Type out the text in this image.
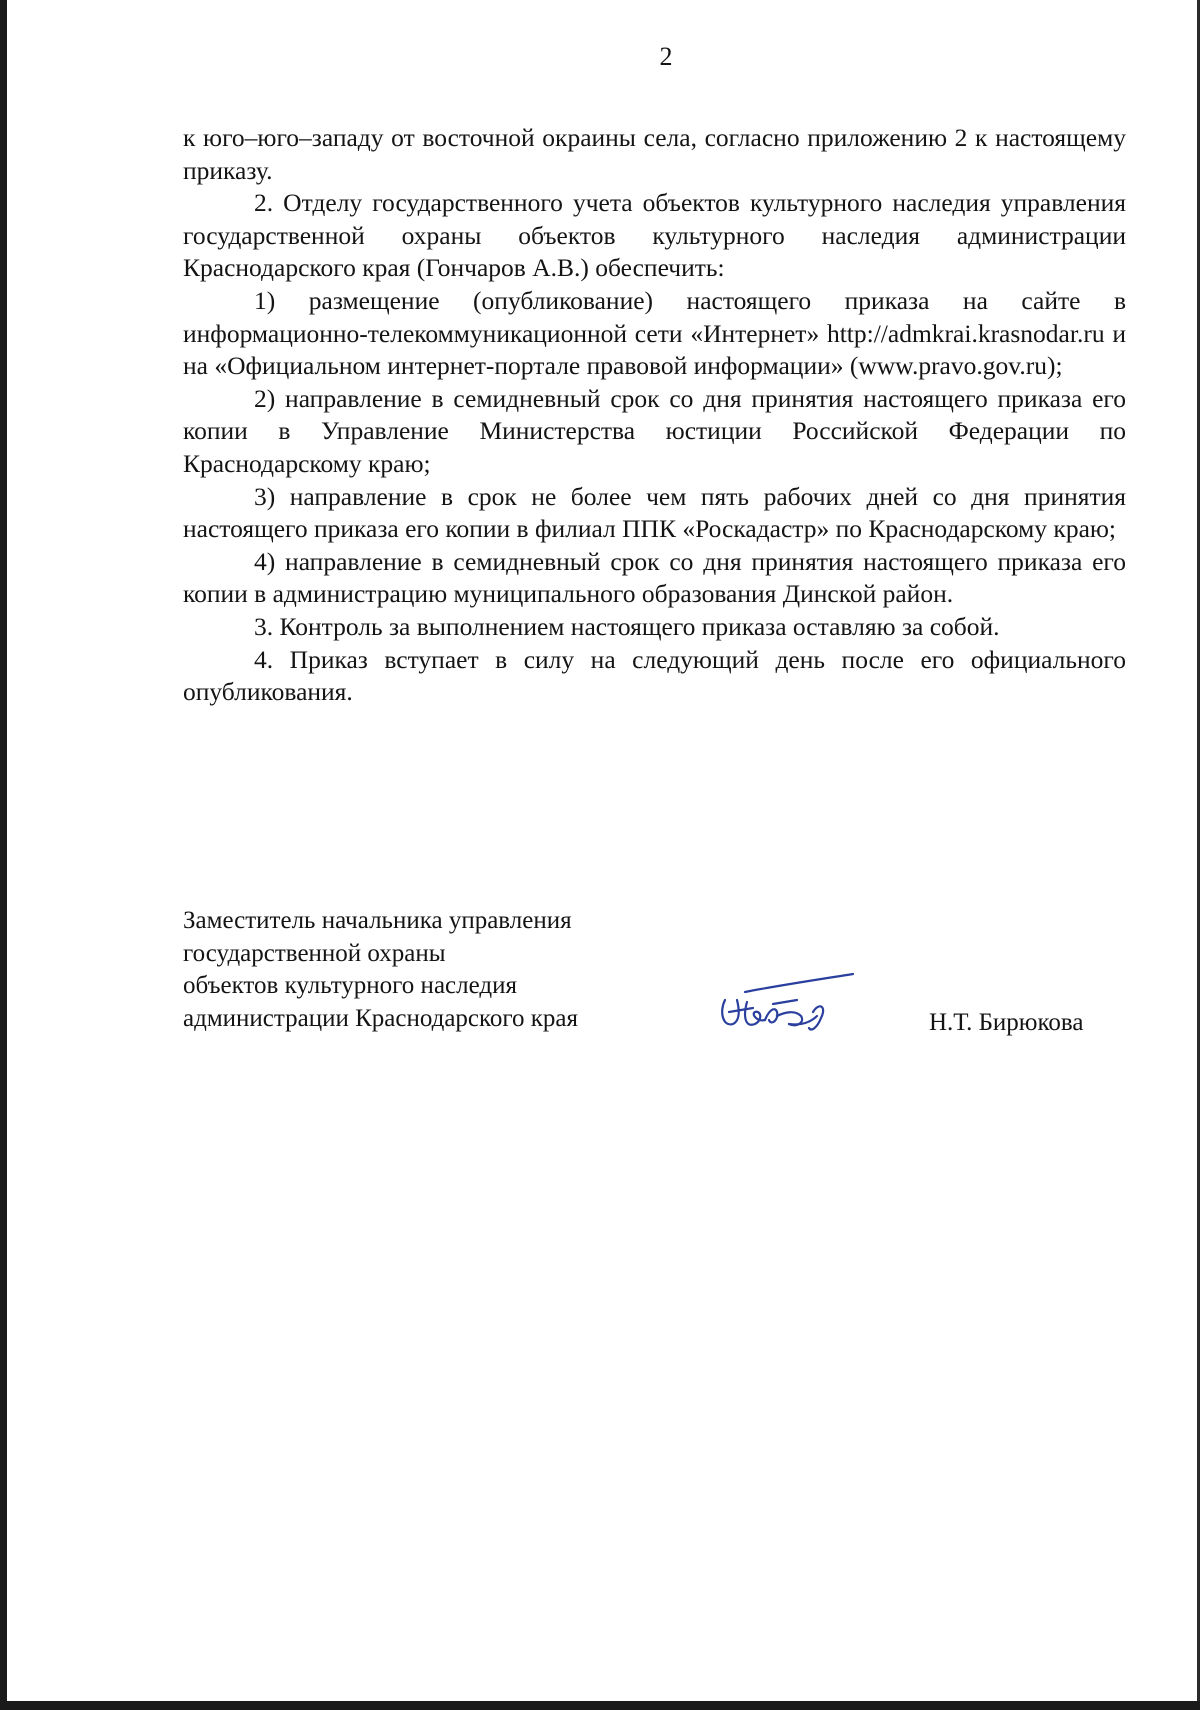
2

к юго–юго–западу от восточной окраины села, согласно приложению 2 к настоящему приказу.

2. Отделу государственного учета объектов культурного наследия управления государственной охраны объектов культурного наследия администрации Краснодарского края (Гончаров А.В.) обеспечить:

1) размещение (опубликование) настоящего приказа на сайте в информационно-телекоммуникационной сети «Интернет» http://admkrai.krasnodar.ru и на «Официальном интернет-портале правовой информации» (www.pravo.gov.ru);

2) направление в семидневный срок со дня принятия настоящего приказа его копии в Управление Министерства юстиции Российской Федерации по Краснодарскому краю;

3) направление в срок не более чем пять рабочих дней со дня принятия настоящего приказа его копии в филиал ППК «Роскадастр» по Краснодарскому краю;

4) направление в семидневный срок со дня принятия настоящего приказа его копии в администрацию муниципального образования Динской район.

3. Контроль за выполнением настоящего приказа оставляю за собой.

4. Приказ вступает в силу на следующий день после его официального опубликования.

Заместитель начальника управления
государственной охраны
объектов культурного наследия
администрации Краснодарского края	Н.Т. Бирюкова
